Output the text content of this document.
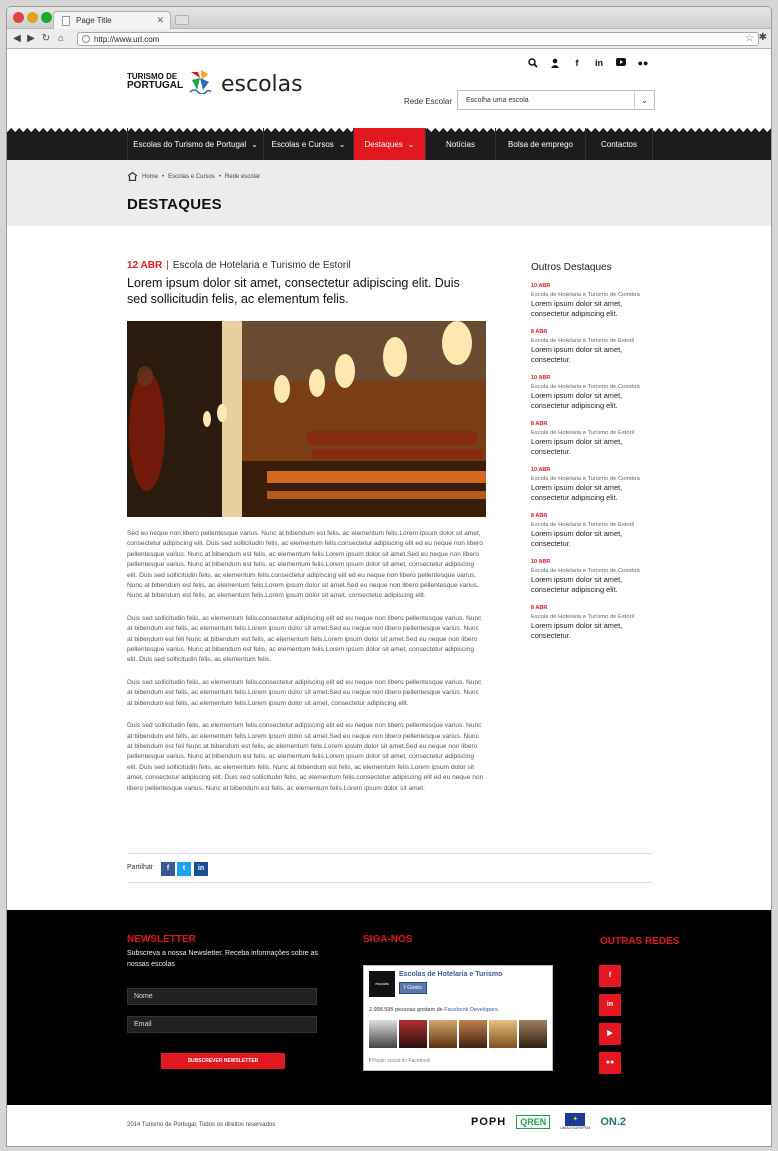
Page Title	✕
◀ ▶ ↻ ⌂	http://www.url.com	☆ ✱
TURISMO DE
PORTUGAL escolas
f	in	●●
Rede Escolar	Escolha uma escola	⌄
Escolas do Turismo de Portugal ⌄ Escolas e Cursos ⌄ Destaques ⌄	Notícias	Bolsa de emprego	Contactos
Home • Escolas e Cursos • Rede escolar
DESTAQUES
12 ABR | Escola de Hotelaria e Turismo de Estoril
Lorem ipsum dolor sit amet, consectetur adipiscing elit. Duis sed sollicitudin felis, ac elementum felis.

Sed eu neque non libero pellentesque varius. Nunc at bibendum est felis, ac elementum felis.Lorem ipsum dolor sit amet, consectetur adipiscing elit. Duis sed sollicitudin felis, ac elementum felis.consectetur adipiscing elit ed eu neque non libero pellentesque varius. Nunc at bibendum est felis, ac elementum felis.Lorem ipsum dolor sit amet.Sed eu neque non libero pellentesque varius. Nunc at bibendum est felis, ac elementum felis.Lorem ipsum dolor sit amet, consectetur adipiscing elit. Duis sed sollicitudin felis, ac elementum felis.consectetur adipiscing elit ed eu neque non libero pellentesque varius. Nunc at bibendum est felis, ac elementum felis.Lorem ipsum dolor sit amet.Sed eu neque non libero pellentesque varius. Nunc at bibendum est felis, ac elementum felis.Lorem ipsum dolor sit amet, consectetur adipiscing elit.

Duis sed sollicitudin felis, ac elementum felis.consectetur adipiscing elit ed eu neque non libero pellentesque varius. Nunc at bibendum est felis, ac elementum felis.Lorem ipsum dolor sit amet.Sed eu neque non libero pellentesque varius. Nunc at bibendum est feli Nunc at bibendum est felis, ac elementum felis.Lorem ipsum dolor sit amet.Sed eu neque non libero pellentesque varius. Nunc at bibendum est felis, ac elementum felis.Lorem ipsum dolor sit amet, consectetur adipiscing elit. Duis sed sollicitudin felis, ac elementum felis.

Duis sed sollicitudin felis, ac elementum felis.consectetur adipiscing elit ed eu neque non libero pellentesque varius. Nunc at bibendum est felis, ac elementum felis.Lorem ipsum dolor sit amet.Sed eu neque non libero pellentesque varius. Nunc at bibendum est felis, ac elementum felis.Lorem ipsum dolor sit amet, consectetur adipiscing elit.

Duis sed sollicitudin felis, ac elementum felis.consectetur adipiscing elit ed eu neque non libero pellentesque varius. Nunc at bibendum est felis, ac elementum felis.Lorem ipsum dolor sit amet.Sed eu neque non libero pellentesque varius. Nunc at bibendum est feli Nunc at bibendum est felis, ac elementum felis.Lorem ipsum dolor sit amet.Sed eu neque non libero pellentesque varius. Nunc at bibendum est felis, ac elementum felis.Lorem ipsum dolor sit amet, consectetur adipiscing elit. Duis sed sollicitudin felis, ac elementum felis. Nunc at bibendum est felis, ac elementum felis.Lorem ipsum dolor sit amet, consectetur adipiscing elit. Duis sed sollicitudin felis, ac elementum felis.consectetur adipiscing elit ed eu neque non libero pellentesque varius. Nunc at bibendum est felis, ac elementum felis.Lorem ipsum dolor sit amet.

Partilhar	f	t	in
Outros Destaques
10 ABR
Escola de Hotelaria e Turismo de Coimbra
Lorem ipsum dolor sit amet, consectetur adipiscing elit.
8 ABR
Escola de Hotelaria e Turismo de Estoril
Lorem ipsum dolor sit amet, consectetur.
10 ABR
Escola de Hotelaria e Turismo de Coimbra
Lorem ipsum dolor sit amet, consectetur adipiscing elit.
8 ABR
Escola de Hotelaria e Turismo de Estoril
Lorem ipsum dolor sit amet, consectetur.
10 ABR
Escola de Hotelaria e Turismo de Coimbra
Lorem ipsum dolor sit amet, consectetur adipiscing elit.
8 ABR
Escola de Hotelaria e Turismo de Estoril
Lorem ipsum dolor sit amet, consectetur.
10 ABR
Escola de Hotelaria e Turismo de Coimbra
Lorem ipsum dolor sit amet, consectetur adipiscing elit.
8 ABR
Escola de Hotelaria e Turismo de Estoril
Lorem ipsum dolor sit amet, consectetur.
NEWSLETTER
Subscreva a nossa Newsletter. Receba informações sobre as nossas escolas
Nome
Email
SUBSCREVER NEWSLETTER
SIGA-NOS
escolas
Escolas de Hotelaria e Turismo
f Gosto
2.998.595 pessoas gostam de Facebook Developers.
f Plugin social do Facebook
OUTRAS REDES
f
in
▶
●●
2014 Turismo de Portugal, Todos os direitos reservados	POPH	QREN	✦
UNIÃO EUROPEIA
ON.2
